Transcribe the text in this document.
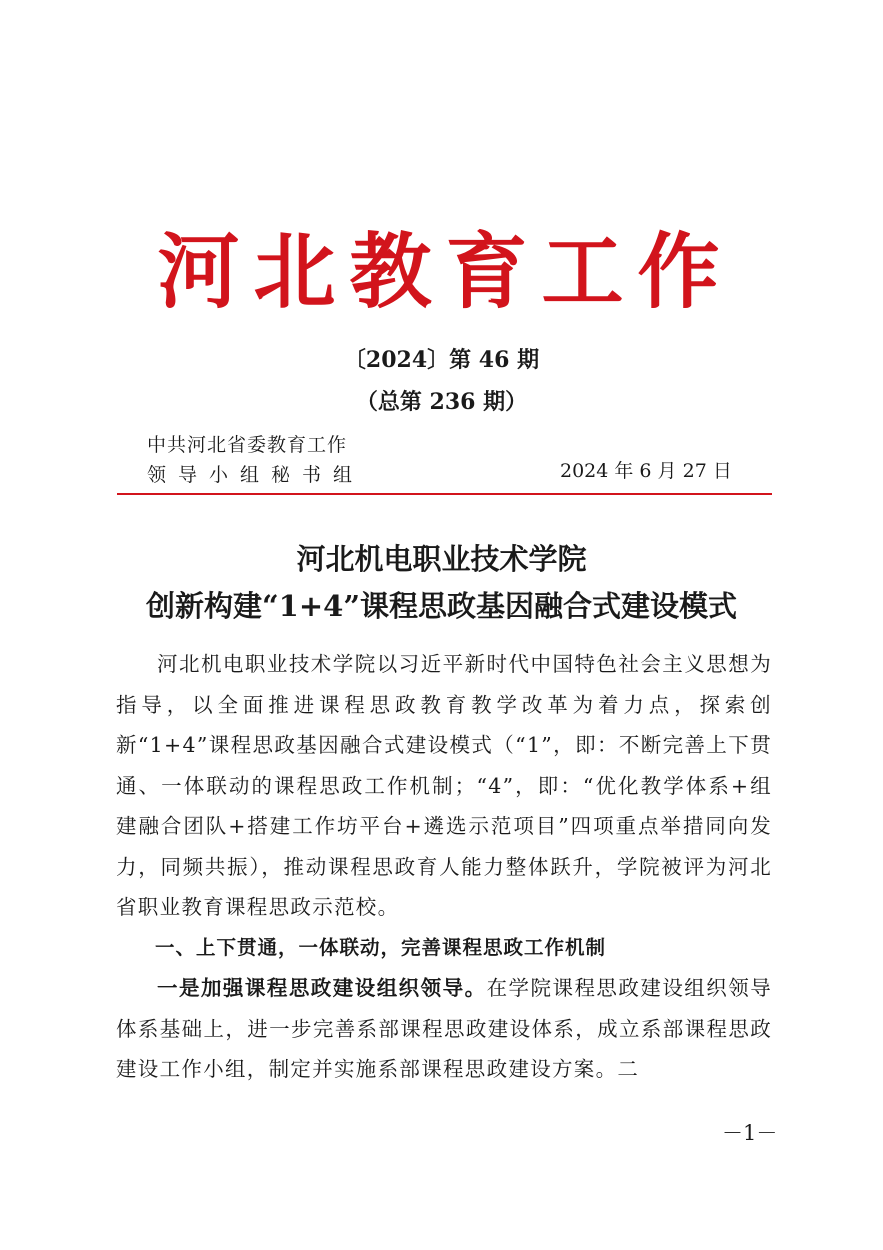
河北教育工作
〔2024〕第 46 期
（总第 236 期）
中共河北省委教育工作
领导小组秘书组	2024 年 6 月 27 日
河北机电职业技术学院
创新构建“1+4”课程思政基因融合式建设模式

河北机电职业技术学院以习近平新时代中国特色社会主义思想为指导，以全面推进课程思政教育教学改革为着力点，探索创新“1+4”课程思政基因融合式建设模式（“1”，即：不断完善上下贯通、一体联动的课程思政工作机制；“4”，即：“优化教学体系+组建融合团队+搭建工作坊平台+遴选示范项目”四项重点举措同向发力，同频共振），推动课程思政育人能力整体跃升，学院被评为河北省职业教育课程思政示范校。

一、上下贯通，一体联动，完善课程思政工作机制

一是加强课程思政建设组织领导。在学院课程思政建设组织领导体系基础上，进一步完善系部课程思政建设体系，成立系部课程思政建设工作小组，制定并实施系部课程思政建设方案。二

－1－
